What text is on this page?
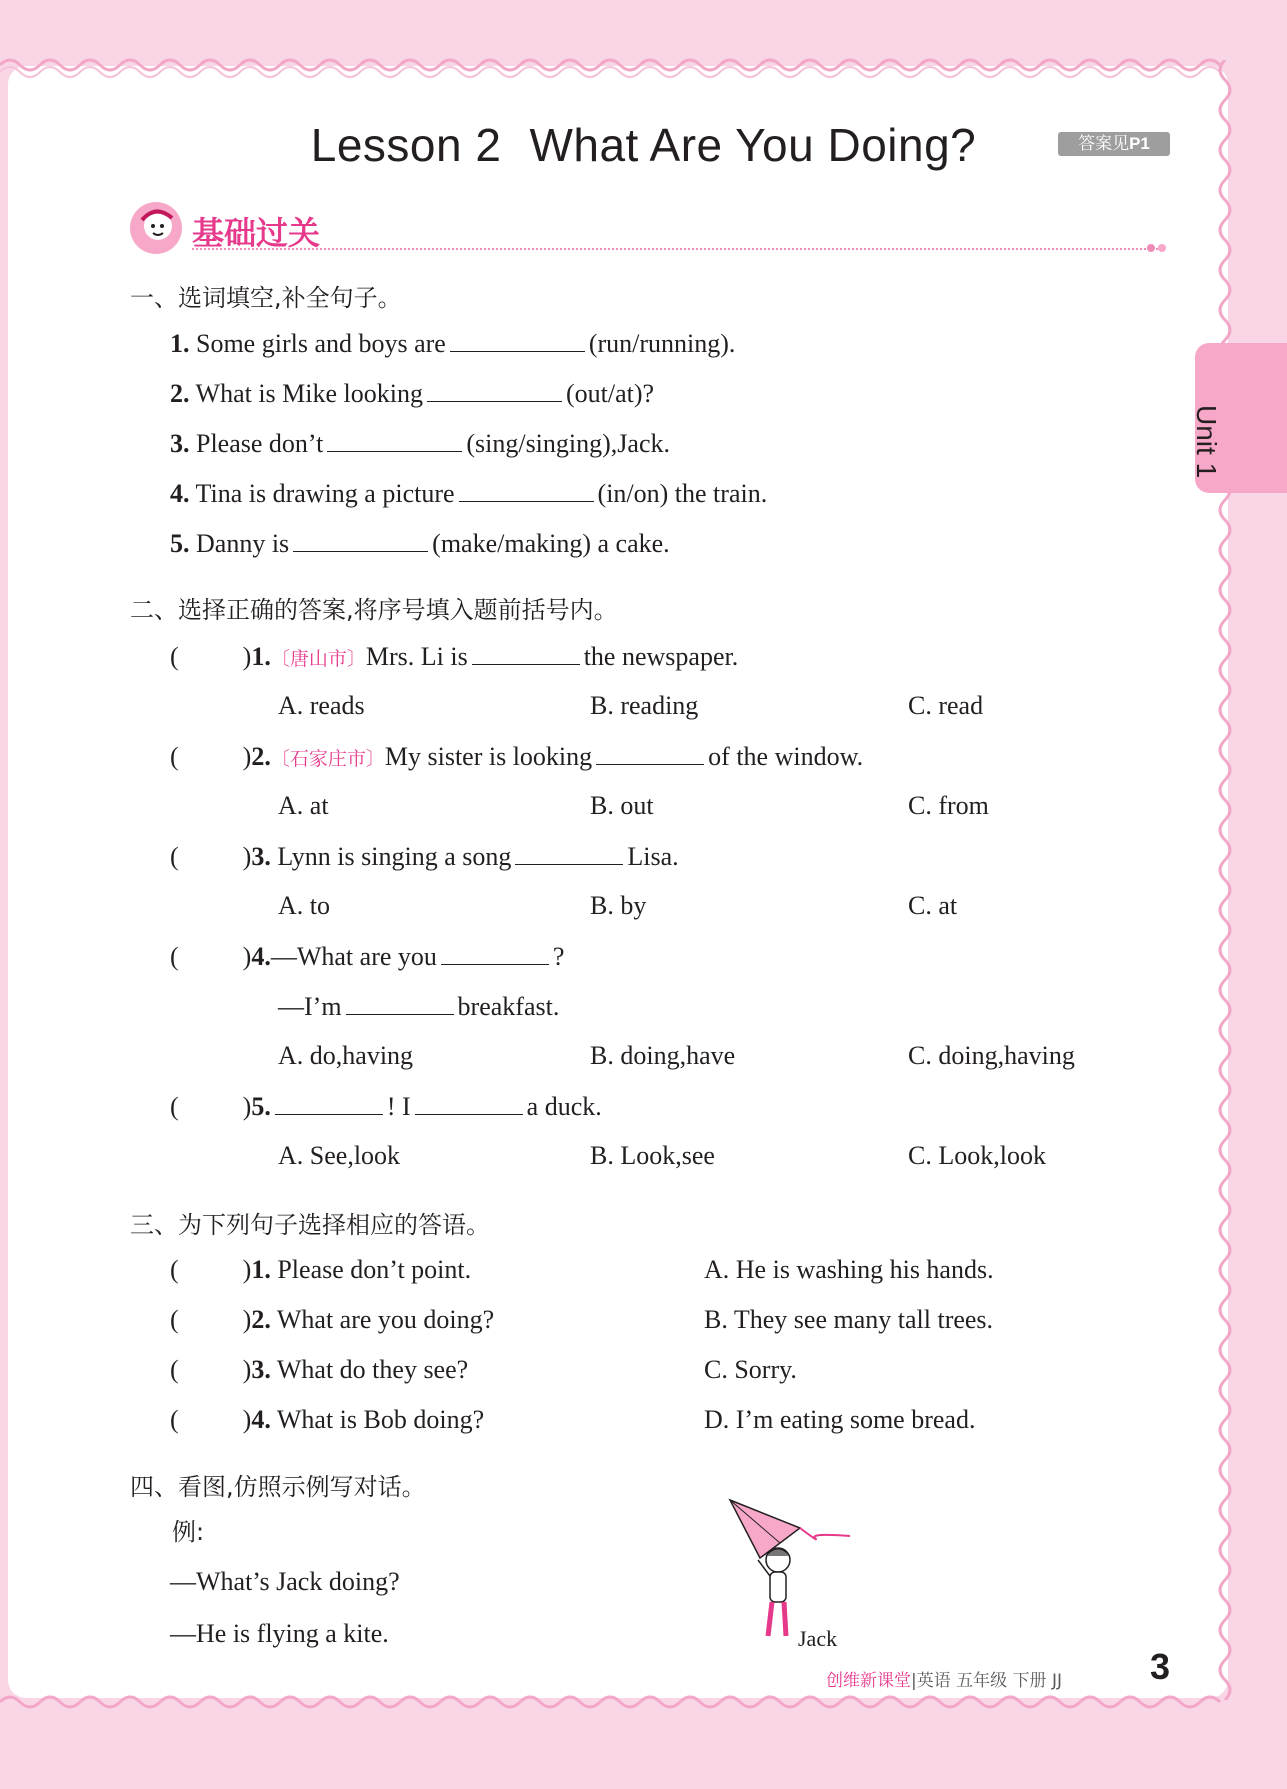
Lesson 2 What Are You Doing?	答案见P1
基础过关
Unit 1
一、选词填空,补全句子。
1. Some girls and boys are	(run/running).
2. What is Mike looking	(out/at)?
3. Please don’t	(sing/singing),Jack.
4. Tina is drawing a picture	(in/on) the train.
5. Danny is	(make/making) a cake.
二、选择正确的答案,将序号填入题前括号内。
( )1.〔唐山市〕Mrs. Li is	the newspaper.
A. reads	B. reading	C. read
( )2.〔石家庄市〕My sister is looking	of the window.
A. at	B. out	C. from
( )3. Lynn is singing a song	Lisa.
A. to	B. by	C. at
( )4.—What are you	?
—I’m	breakfast.
A. do,having	B. doing,have	C. doing,having
( )5.	! I	a duck.
A. See,look	B. Look,see	C. Look,look
三、为下列句子选择相应的答语。
( )1. Please don’t point.	A. He is washing his hands.
( )2. What are you doing?	B. They see many tall trees.
( )3. What do they see?	C. Sorry.
( )4. What is Bob doing?	D. I’m eating some bread.
四、看图,仿照示例写对话。
例:
—What’s Jack doing?
—He is flying a kite.	Jack
创维新课堂|英语 五年级 下册 JJ 3
